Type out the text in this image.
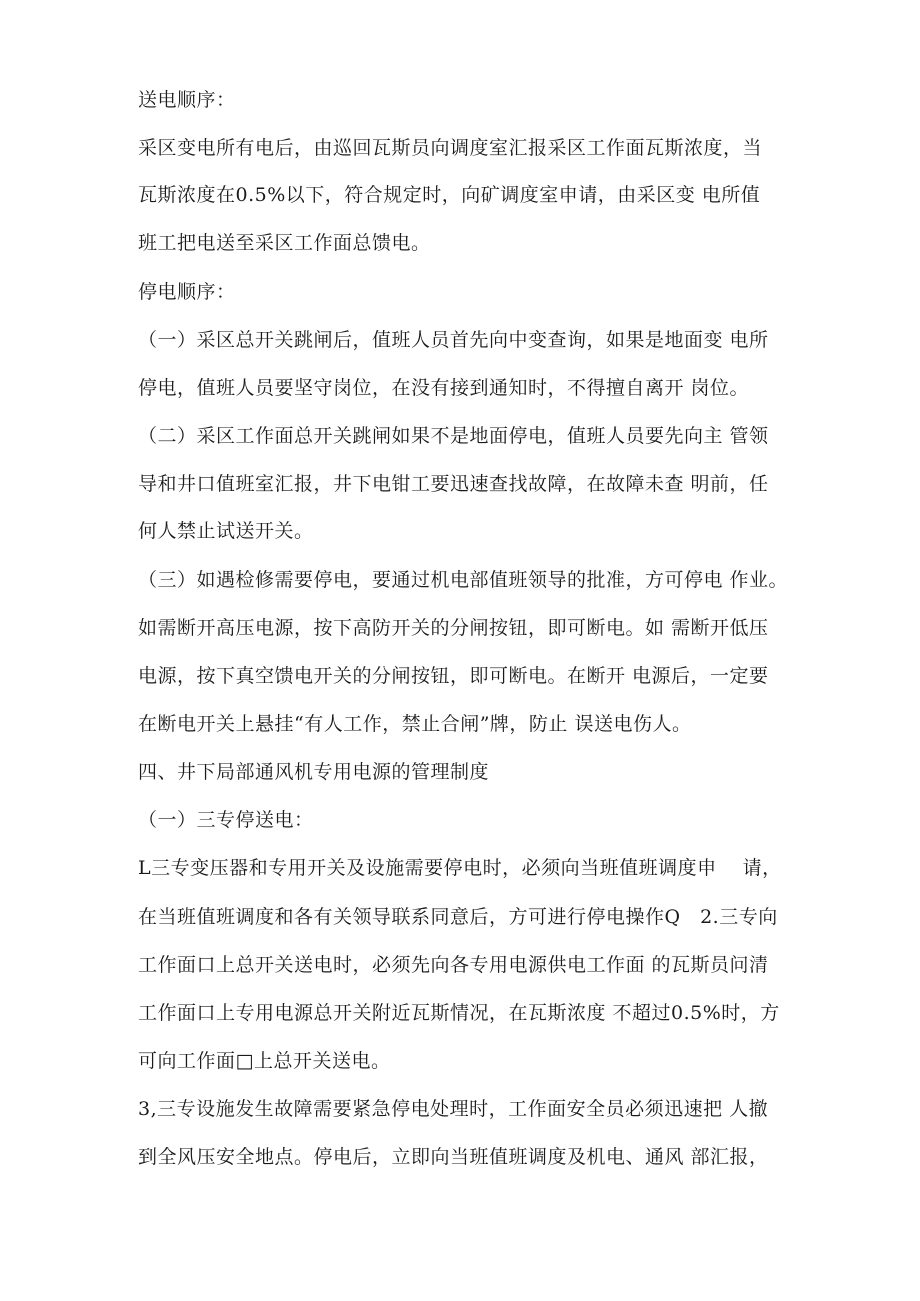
送电顺序：
采区变电所有电后，由巡回瓦斯员向调度室汇报采区工作面瓦斯浓度，当
瓦斯浓度在0.5%以下，符合规定时，向矿调度室申请，由采区变 电所值
班工把电送至采区工作面总馈电。
停电顺序：
（一）采区总开关跳闸后，值班人员首先向中变查询，如果是地面变 电所
停电，值班人员要坚守岗位，在没有接到通知时，不得擅自离开 岗位。
（二）采区工作面总开关跳闸如果不是地面停电，值班人员要先向主 管领
导和井口值班室汇报，井下电钳工要迅速查找故障，在故障未查 明前，任
何人禁止试送开关。
（三）如遇检修需要停电，要通过机电部值班领导的批准，方可停电 作业。
如需断开高压电源，按下高防开关的分闸按钮，即可断电。如 需断开低压
电源，按下真空馈电开关的分闸按钮，即可断电。在断开 电源后，一定要
在断电开关上悬挂“有人工作，禁止合闸”牌，防止 误送电伤人。
四、井下局部通风机专用电源的管理制度
（一）三专停送电：
L三专变压器和专用开关及设施需要停电时，必须向当班值班调度申　 请，
在当班值班调度和各有关领导联系同意后，方可进行停电操作Q　2.三专向
工作面口上总开关送电时，必须先向各专用电源供电工作面 的瓦斯员问清
工作面口上专用电源总开关附近瓦斯情况，在瓦斯浓度 不超过0.5%时，方
可向工作面□上总开关送电。
3,三专设施发生故障需要紧急停电处理时，工作面安全员必须迅速把 人撤
到全风压安全地点。停电后，立即向当班值班调度及机电、通风 部汇报，
